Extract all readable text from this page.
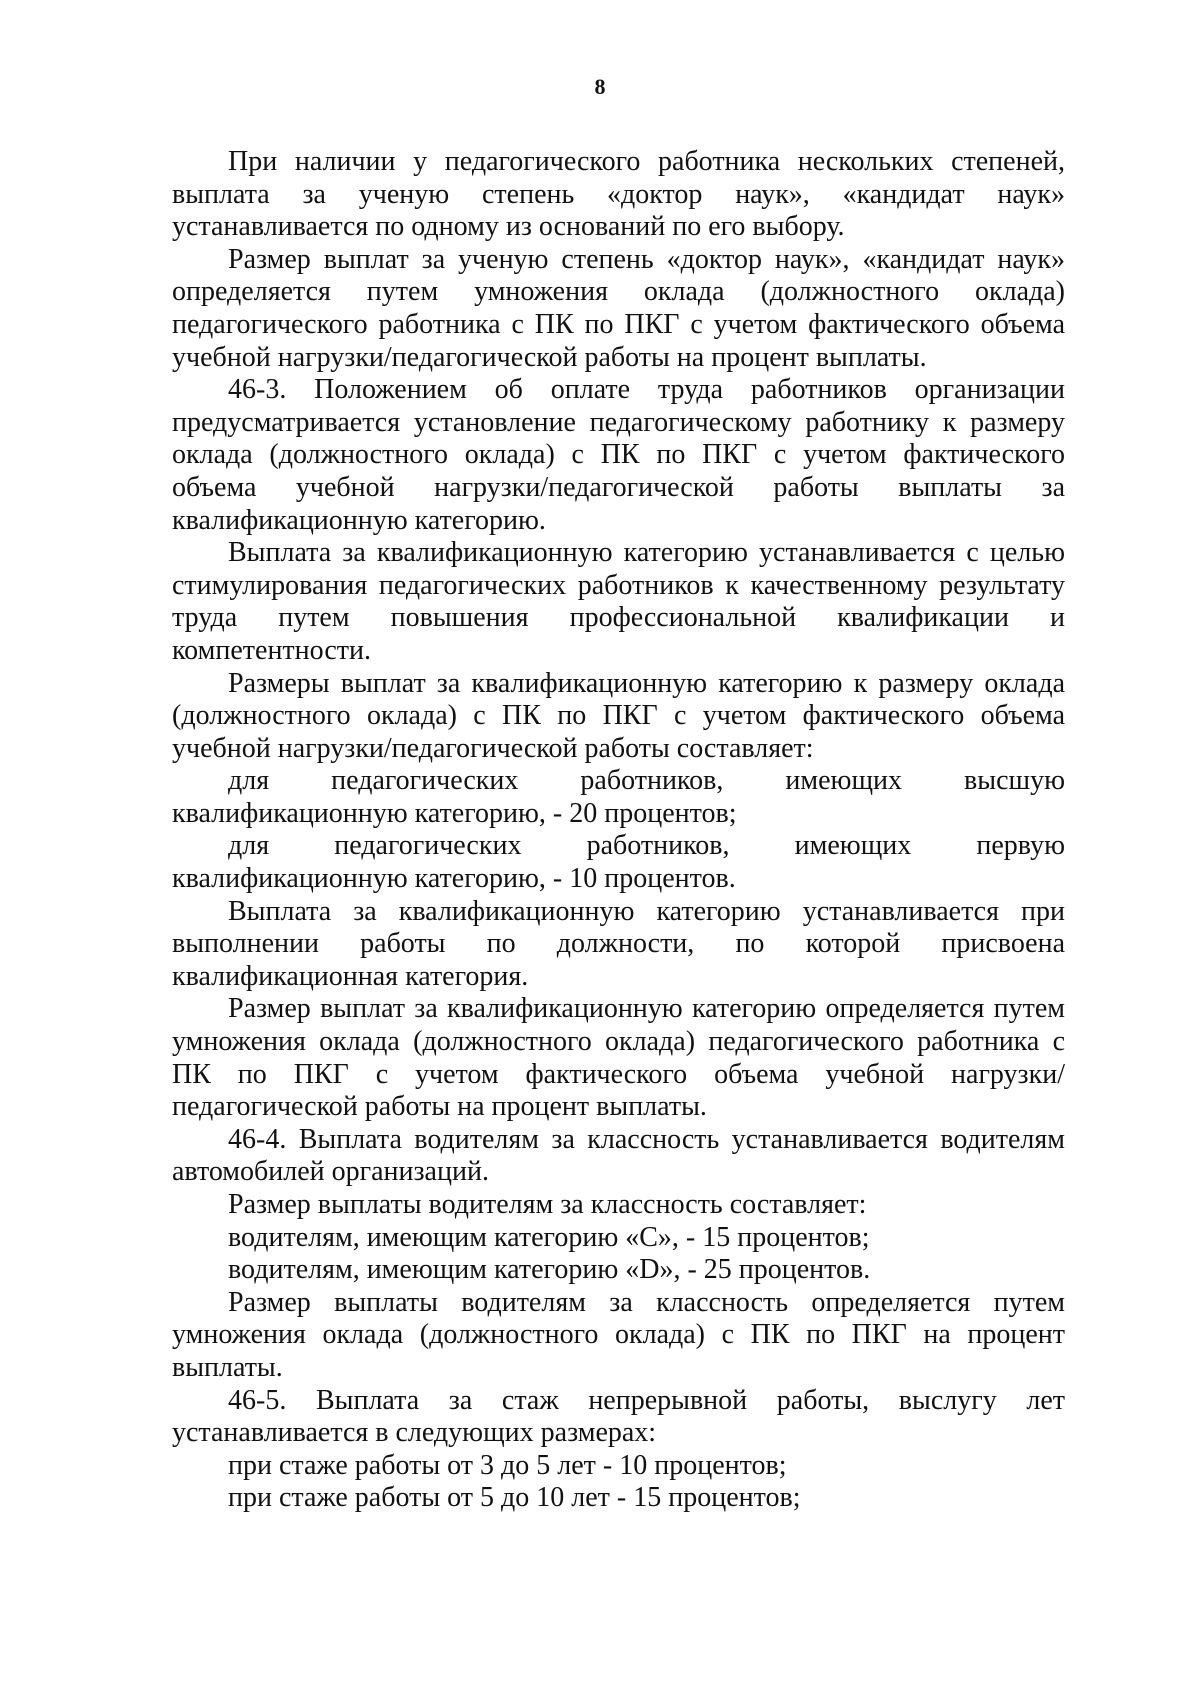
8

При наличии у педагогического работника нескольких степеней, выплата за ученую степень «доктор наук», «кандидат наук» устанавливается по одному из оснований по его выбору.

Размер выплат за ученую степень «доктор наук», «кандидат наук» определяется путем умножения оклада (должностного оклада) педагогического работника с ПК по ПКГ с учетом фактического объема учебной нагрузки/педагогической работы на процент выплаты.

46-3. Положением об оплате труда работников организации предусматривается установление педагогическому работнику к размеру оклада (должностного оклада) с ПК по ПКГ с учетом фактического объема учебной нагрузки/педагогической работы выплаты за квалификационную категорию.

Выплата за квалификационную категорию устанавливается с целью стимулирования педагогических работников к качественному результату труда путем повышения профессиональной квалификации и компетентности.

Размеры выплат за квалификационную категорию к размеру оклада (должностного оклада) с ПК по ПКГ с учетом фактического объема учебной нагрузки/педагогической работы составляет:

для педагогических работников, имеющих высшую квалификационную категорию, - 20 процентов;

для педагогических работников, имеющих первую квалификационную категорию, - 10 процентов.

Выплата за квалификационную категорию устанавливается при выполнении работы по должности, по которой присвоена квалификационная категория.

Размер выплат за квалификационную категорию определяется путем умножения оклада (должностного оклада) педагогического работника с ПК по ПКГ с учетом фактического объема учебной нагрузки/педагогической работы на процент выплаты.

46-4. Выплата водителям за классность устанавливается водителям автомобилей организаций.

Размер выплаты водителям за классность составляет:

водителям, имеющим категорию «С», - 15 процентов;

водителям, имеющим категорию «D», - 25 процентов.

Размер выплаты водителям за классность определяется путем умножения оклада (должностного оклада) с ПК по ПКГ на процент выплаты.

46-5. Выплата за стаж непрерывной работы, выслугу лет устанавливается в следующих размерах:

при стаже работы от 3 до 5 лет - 10 процентов;

при стаже работы от 5 до 10 лет - 15 процентов;
